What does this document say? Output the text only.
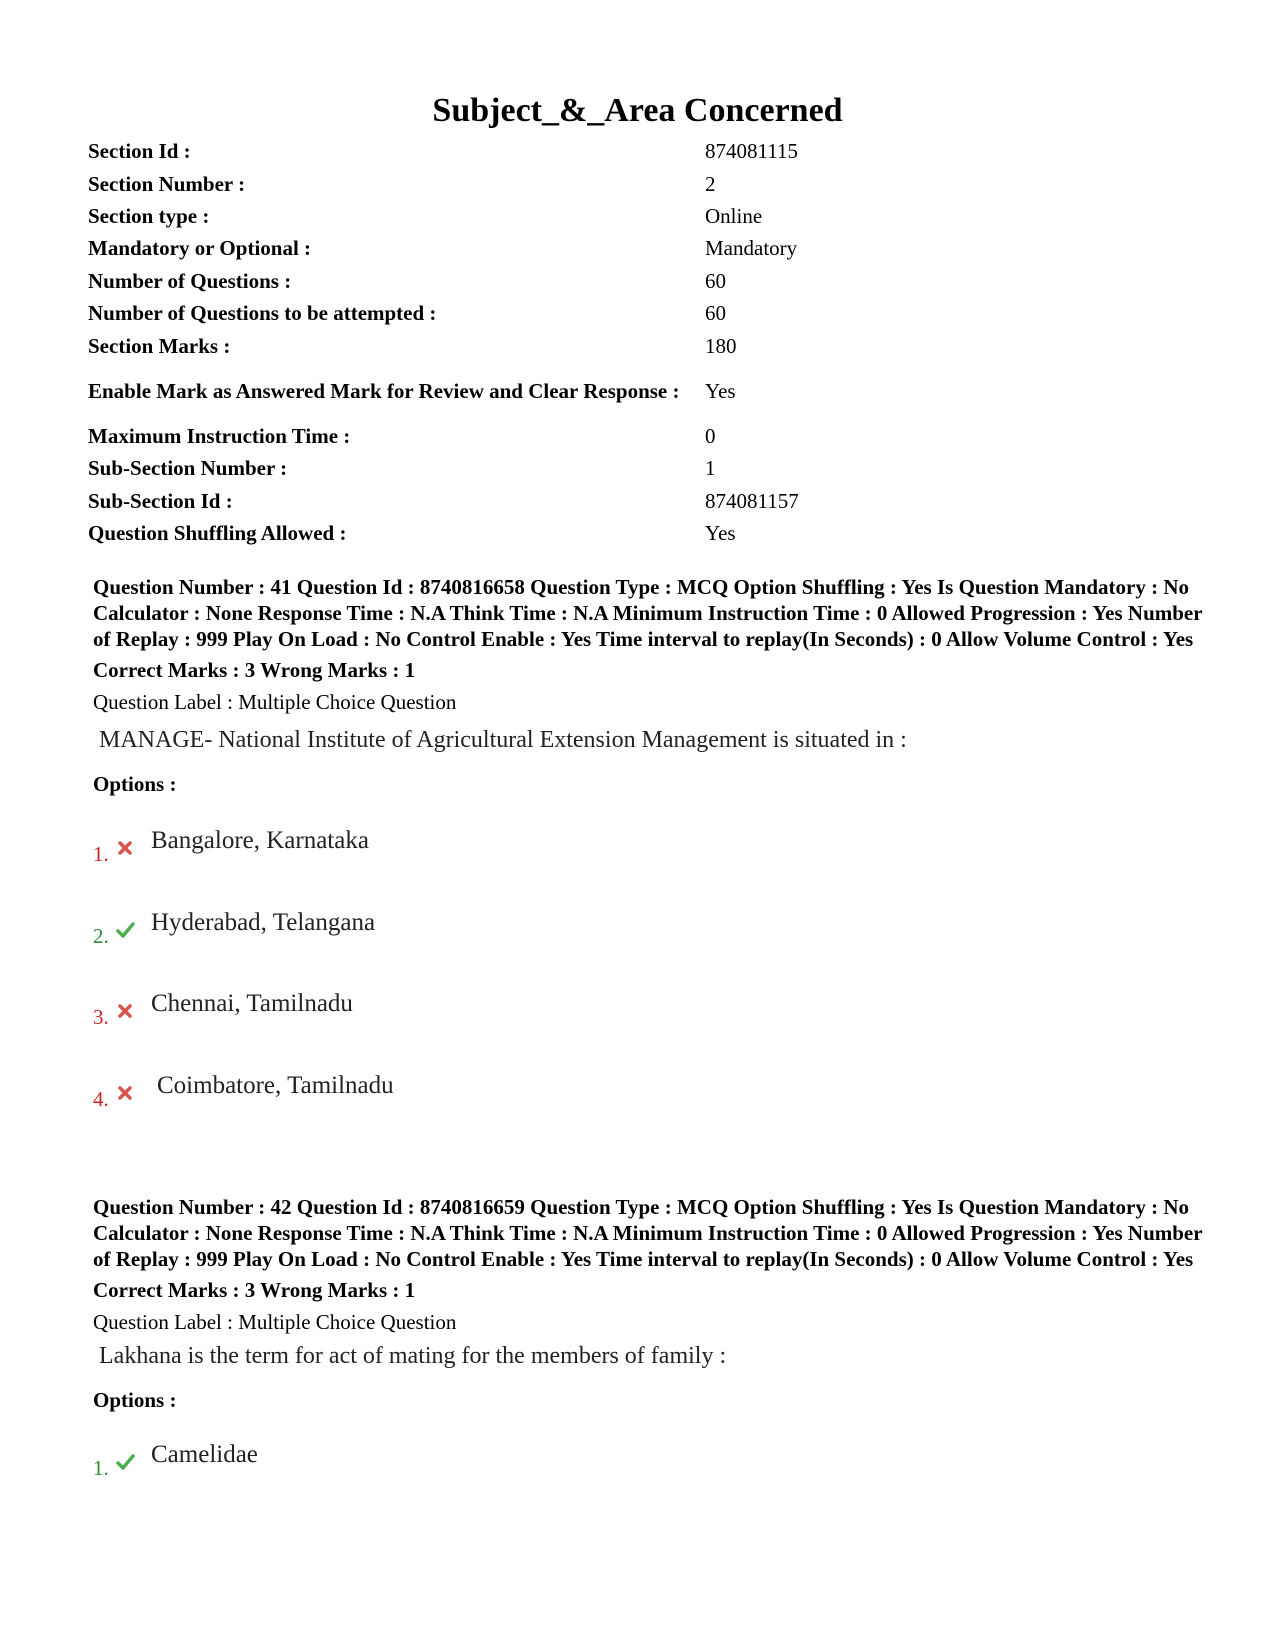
Subject_&_Area Concerned
Section Id :	874081115
Section Number :	2
Section type :	Online
Mandatory or Optional :	Mandatory
Number of Questions :	60
Number of Questions to be attempted :	60
Section Marks :	180
Enable Mark as Answered Mark for Review and Clear Response :	Yes
Maximum Instruction Time :	0
Sub-Section Number :	1
Sub-Section Id :	874081157
Question Shuffling Allowed :	Yes
Question Number : 41 Question Id : 8740816658 Question Type : MCQ Option Shuffling : Yes Is Question Mandatory : No Calculator : None Response Time : N.A Think Time : N.A Minimum Instruction Time : 0 Allowed Progression : Yes Number of Replay : 999 Play On Load : No Control Enable : Yes Time interval to replay(In Seconds) : 0 Allow Volume Control : Yes
Correct Marks : 3 Wrong Marks : 1
Question Label : Multiple Choice Question
MANAGE- National Institute of Agricultural Extension Management is situated in :
Options :
1. Bangalore, Karnataka
2. Hyderabad, Telangana
3. Chennai, Tamilnadu
4. Coimbatore, Tamilnadu
Question Number : 42 Question Id : 8740816659 Question Type : MCQ Option Shuffling : Yes Is Question Mandatory : No Calculator : None Response Time : N.A Think Time : N.A Minimum Instruction Time : 0 Allowed Progression : Yes Number of Replay : 999 Play On Load : No Control Enable : Yes Time interval to replay(In Seconds) : 0 Allow Volume Control : Yes
Correct Marks : 3 Wrong Marks : 1
Question Label : Multiple Choice Question
Lakhana is the term for act of mating for the members of family :
Options :
1. Camelidae
